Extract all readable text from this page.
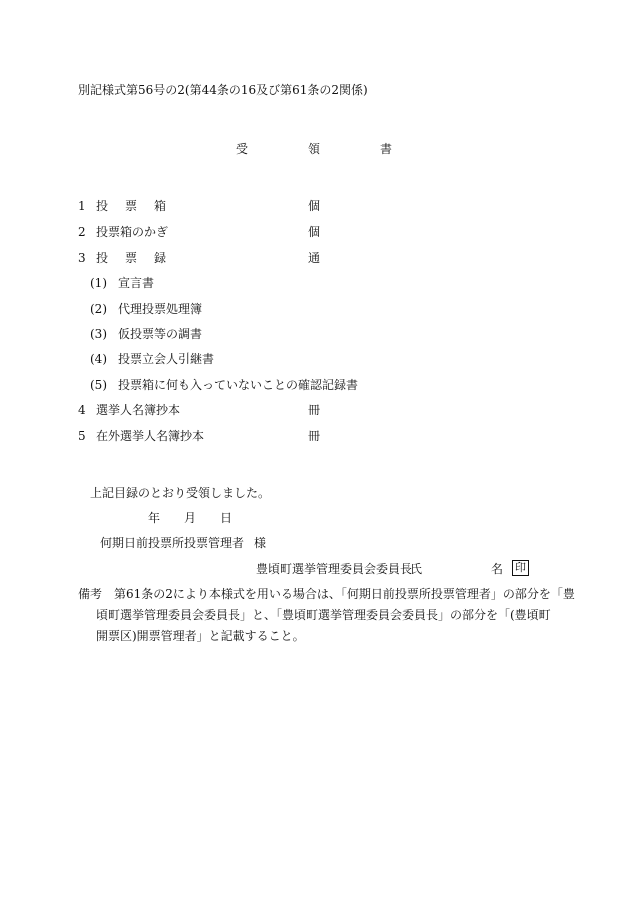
別記様式第56号の2(第44条の16及び第61条の2関係)
受	領	書
1 投 票 箱	個
2 投票箱のかぎ	個
3 投 票 録	通
(1) 宣言書
(2) 代理投票処理簿
(3) 仮投票等の調書
(4) 投票立会人引継書
(5) 投票箱に何も入っていないことの確認記録書
4 選挙人名簿抄本	冊
5 在外選挙人名簿抄本	冊
上記目録のとおり受領しました。
年 月 日
何期日前投票所投票管理者 様
豊頃町選挙管理委員会委員長
氏	名 印
備考 第61条の2により本様式を用いる場合は、「何期日前投票所投票管理者」の部分を「豊
頃町選挙管理委員会委員長」と、「豊頃町選挙管理委員会委員長」の部分を「(豊頃町
開票区)開票管理者」と記載すること。
